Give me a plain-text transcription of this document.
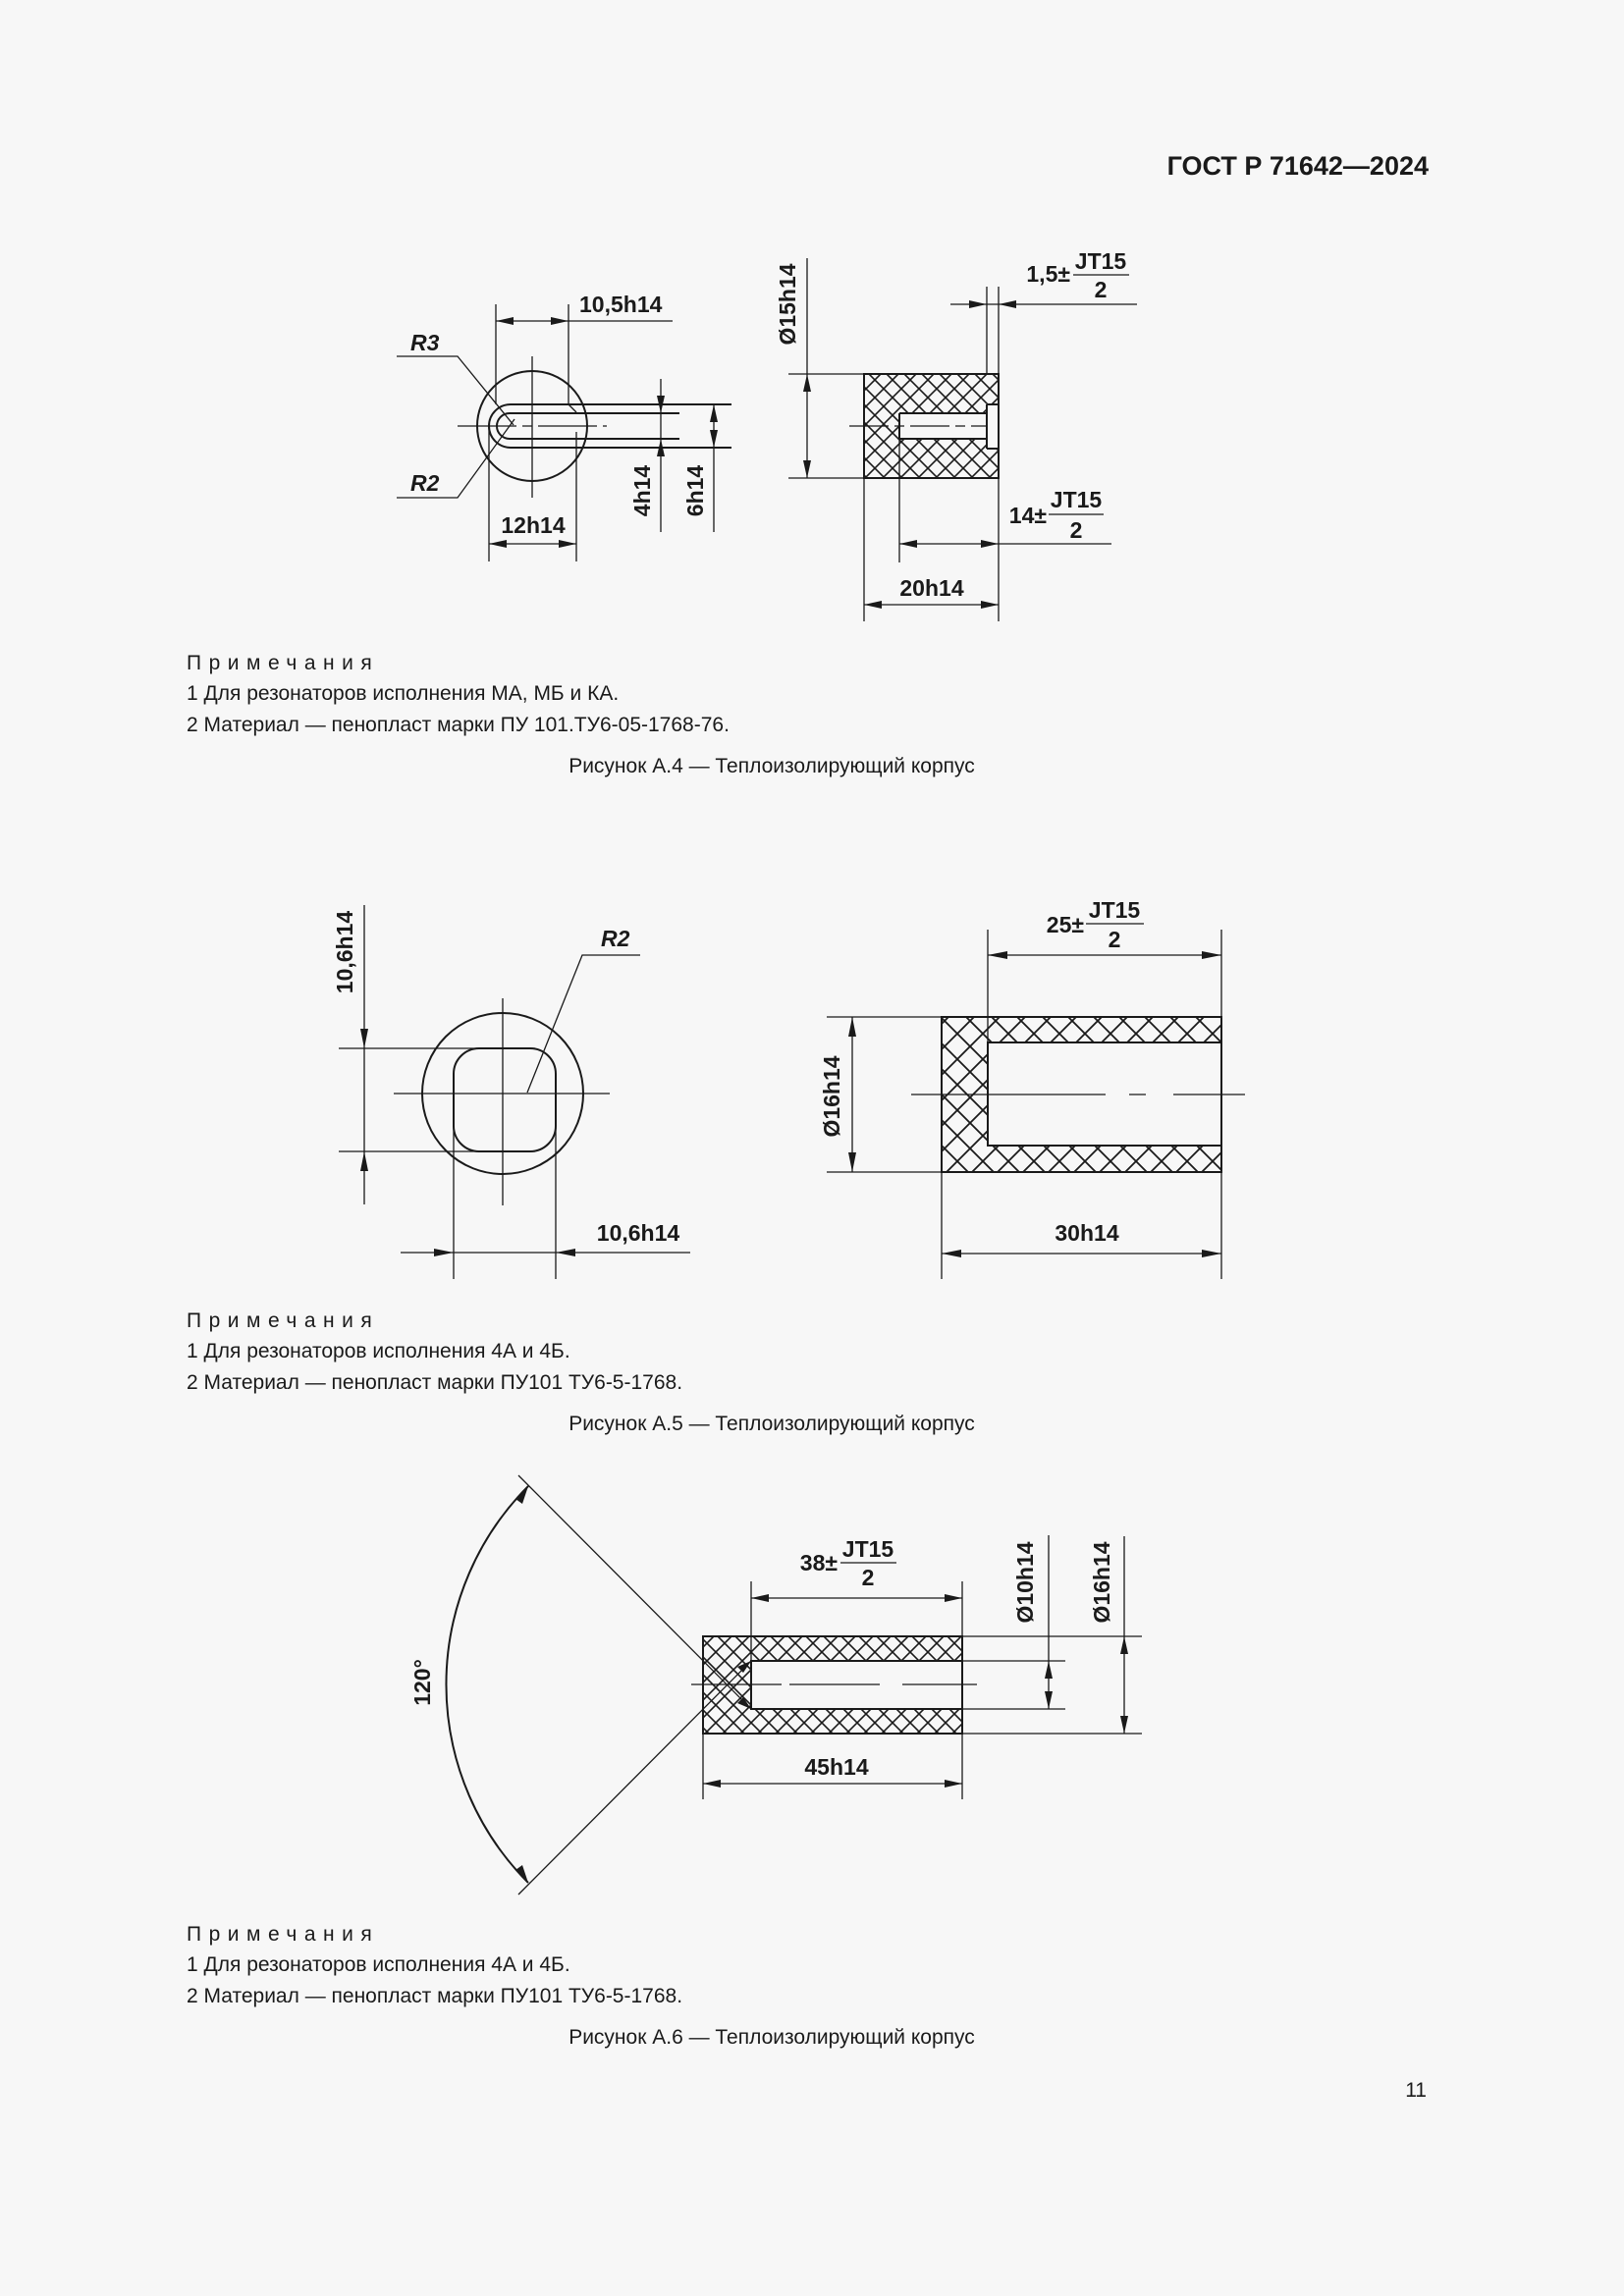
ГОСТ Р 71642—2024
10,5h14
R3
R2
12h14
4h14 6h14
Ø15h14	1,5± JT15
2
14±
JT15
2
20h14
Примечания
1 Для резонаторов исполнения МА, МБ и КА.
2 Материал — пенопласт марки ПУ 101.ТУ6-05-1768-76.
Рисунок А.4 — Теплоизолирующий корпус
10,6h14	R2
10,6h14
Ø16h14
25±
JT15
2
30h14
Примечания
1 Для резонаторов исполнения 4А и 4Б.
2 Материал — пенопласт марки ПУ101 ТУ6-5-1768.
Рисунок А.5 — Теплоизолирующий корпус
120°
38±
JT15
2
45h14
Ø10h14 Ø16h14
Примечания
1 Для резонаторов исполнения 4А и 4Б.
2 Материал — пенопласт марки ПУ101 ТУ6-5-1768.
Рисунок А.6 — Теплоизолирующий корпус
11
